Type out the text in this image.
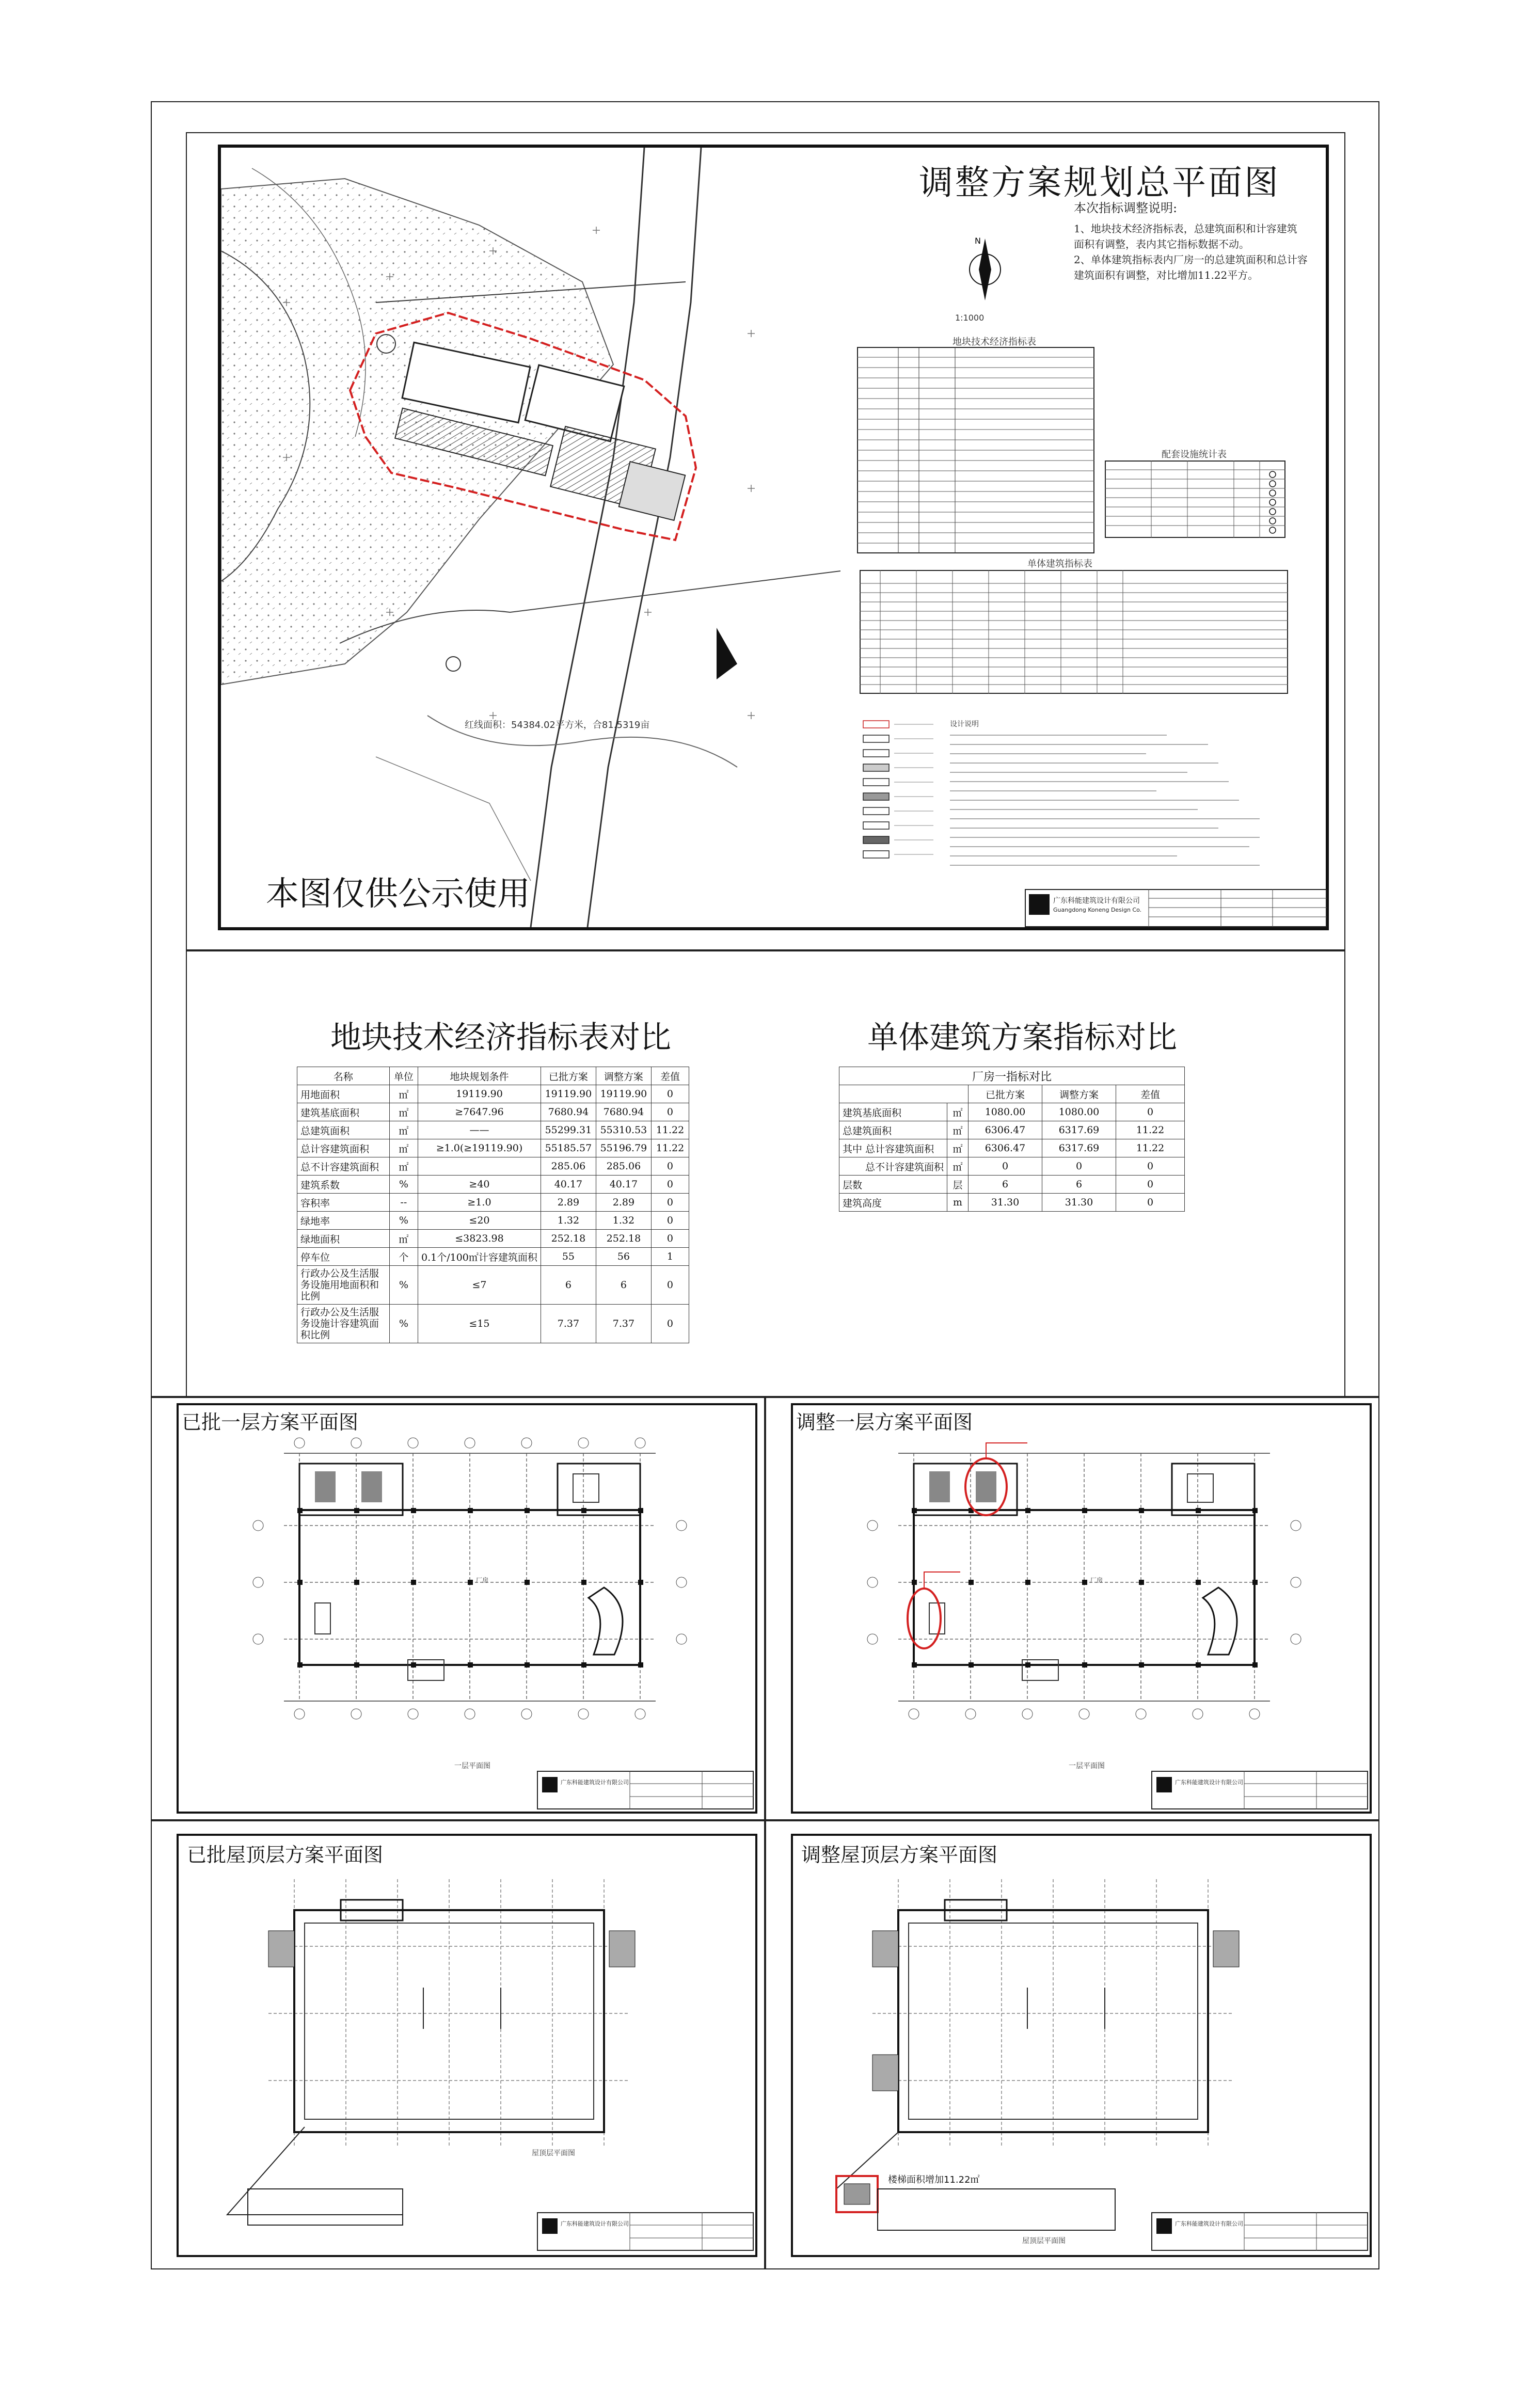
红线面积：54384.02平方米，合81.5319亩
本图仅供公示使用
调整方案规划总平面图
本次指标调整说明:
1、地块技术经济指标表，总建筑面积和计容建筑
面积有调整，表内其它指标数据不动。
2、单体建筑指标表内厂房一的总建筑面积和总计容
建筑面积有调整，对比增加11.22平方。
N
1:1000
地块技术经济指标表
配套设施统计表
单体建筑指标表
设计说明
广东科能建筑设计有限公司
Guangdong Koneng Design Co.
地块技术经济指标表对比	单体建筑方案指标对比
名称	单位	地块规划条件	已批方案	调整方案	差值
用地面积	㎡	19119.90	19119.90	19119.90	0
建筑基底面积	㎡	≥7647.96	7680.94	7680.94	0
总建筑面积	㎡	——	55299.31	55310.53	11.22
总计容建筑面积	㎡	≥1.0(≥19119.90)	55185.57	55196.79	11.22
总不计容建筑面积	㎡		285.06	285.06	0
建筑系数	%	≥40	40.17	40.17	0
容积率	--	≥1.0	2.89	2.89	0
绿地率	%	≤20	1.32	1.32	0
绿地面积	㎡	≤3823.98	252.18	252.18	0
停车位	个	0.1个/100㎡计容建筑面积	55	56	1
行政办公及生活服务设施用地面积和比例	%	≤7	6	6	0
行政办公及生活服务设施计容建筑面积比例	%	≤15	7.37	7.37	0
厂房一指标对比				
		已批方案	调整方案	差值
建筑基底面积	㎡	1080.00	1080.00	0
总建筑面积	㎡	6306.47	6317.69	11.22
其中 总计容建筑面积	㎡	6306.47	6317.69	11.22
总不计容建筑面积	㎡	0	0	0
层数	层	6	6	0
建筑高度	m	31.30	31.30	0
已批一层方案平面图	调整一层方案平面图
已批屋顶层方案平面图	调整屋顶层方案平面图
厂房
一层平面图
厂房
一层平面图
广东科能建筑设计有限公司	广东科能建筑设计有限公司
屋顶层平面图
楼梯面积增加11.22㎡
屋顶层平面图
广东科能建筑设计有限公司	广东科能建筑设计有限公司
